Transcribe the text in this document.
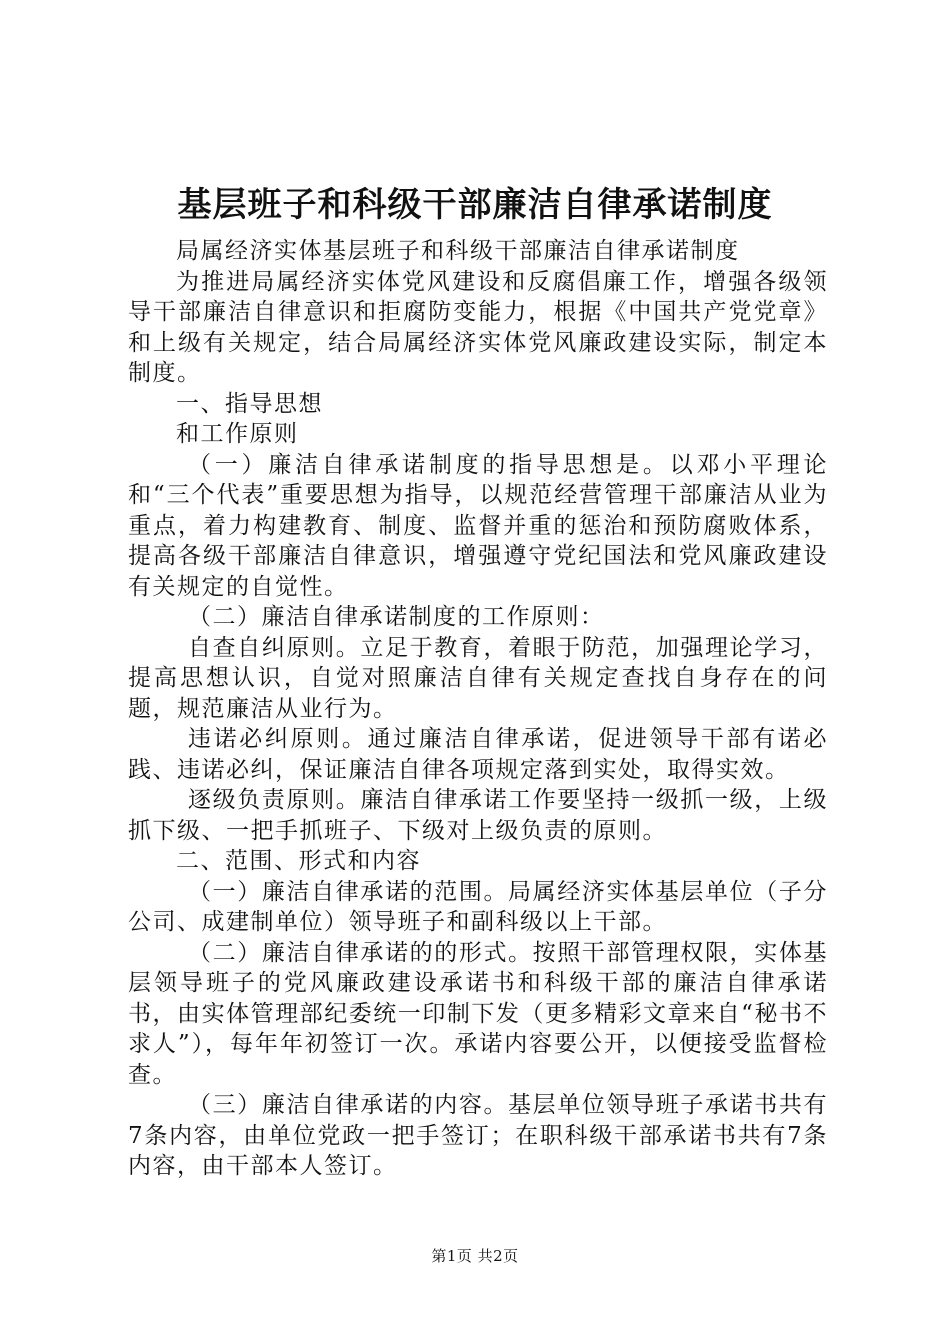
基层班子和科级干部廉洁自律承诺制度

局属经济实体基层班子和科级干部廉洁自律承诺制度

为推进局属经济实体党风建设和反腐倡廉工作，增强各级领导干部廉洁自律意识和拒腐防变能力，根据《中国共产党党章》和上级有关规定，结合局属经济实体党风廉政建设实际，制定本制度。

一、指导思想

和工作原则

（一）廉洁自律承诺制度的指导思想是。以邓小平理论和“三个代表”重要思想为指导，以规范经营管理干部廉洁从业为重点，着力构建教育、制度、监督并重的惩治和预防腐败体系，提高各级干部廉洁自律意识，增强遵守党纪国法和党风廉政建设有关规定的自觉性。

（二）廉洁自律承诺制度的工作原则：

自查自纠原则。立足于教育，着眼于防范，加强理论学习，提高思想认识，自觉对照廉洁自律有关规定查找自身存在的问题，规范廉洁从业行为。

违诺必纠原则。通过廉洁自律承诺，促进领导干部有诺必践、违诺必纠，保证廉洁自律各项规定落到实处，取得实效。

逐级负责原则。廉洁自律承诺工作要坚持一级抓一级，上级抓下级、一把手抓班子、下级对上级负责的原则。

二、范围、形式和内容

（一）廉洁自律承诺的范围。局属经济实体基层单位（子分公司、成建制单位）领导班子和副科级以上干部。

（二）廉洁自律承诺的的形式。按照干部管理权限，实体基层领导班子的党风廉政建设承诺书和科级干部的廉洁自律承诺书，由实体管理部纪委统一印制下发（更多精彩文章来自“秘书不求人”），每年年初签订一次。承诺内容要公开，以便接受监督检查。

（三）廉洁自律承诺的内容。基层单位领导班子承诺书共有7条内容，由单位党政一把手签订；在职科级干部承诺书共有7条内容，由干部本人签订。

第1页 共2页
